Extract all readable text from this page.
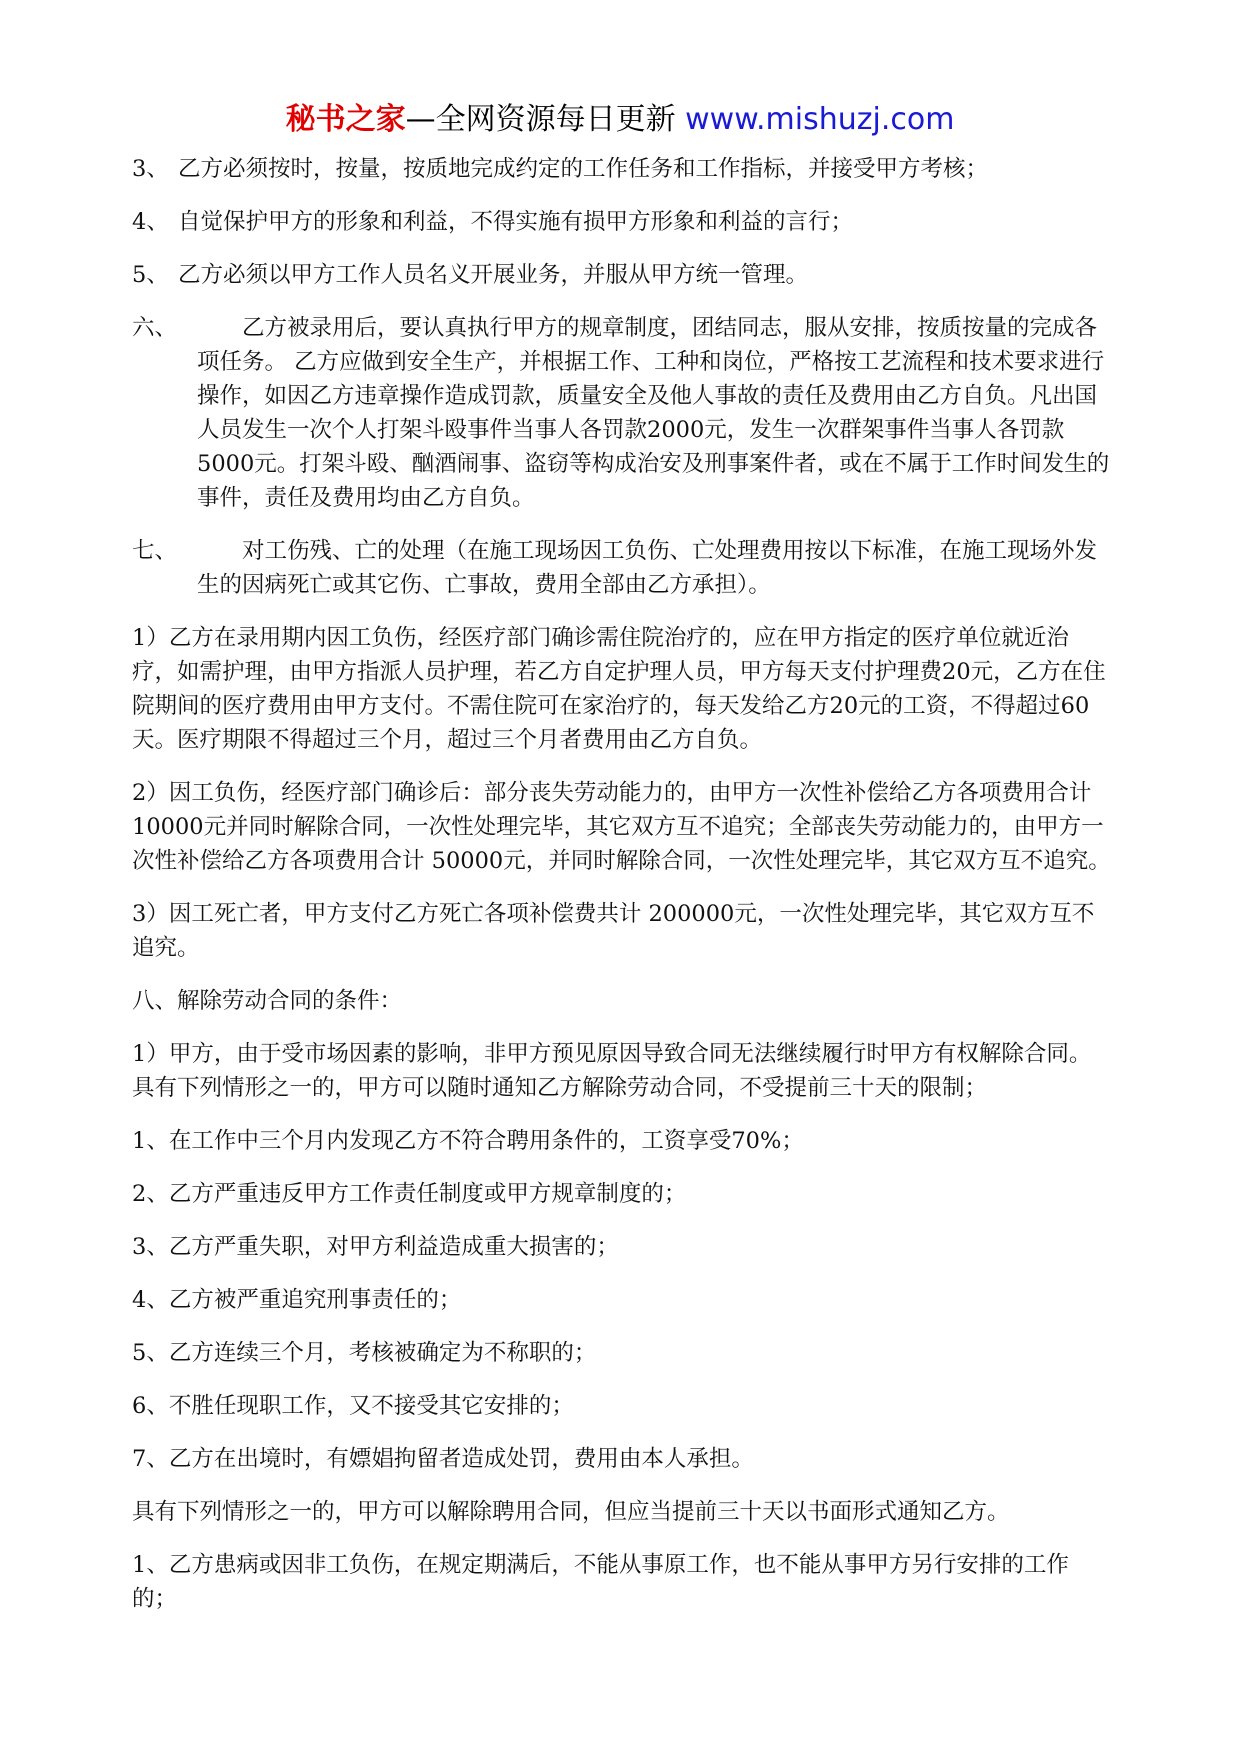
秘书之家—全网资源每日更新 www.mishuzj.com
3、 乙方必须按时，按量，按质地完成约定的工作任务和工作指标，并接受甲方考核；
4、 自觉保护甲方的形象和利益，不得实施有损甲方形象和利益的言行；
5、 乙方必须以甲方工作人员名义开展业务，并服从甲方统一管理。
六、	乙方被录用后，要认真执行甲方的规章制度，团结同志，服从安排，按质按量的完成各项任务。 乙方应做到安全生产，并根据工作、工种和岗位，严格按工艺流程和技术要求进行操作，如因乙方违章操作造成罚款，质量安全及他人事故的责任及费用由乙方自负。凡出国人员发生一次个人打架斗殴事件当事人各罚款2000元，发生一次群架事件当事人各罚款5000元。打架斗殴、酗酒闹事、盗窃等构成治安及刑事案件者，或在不属于工作时间发生的事件，责任及费用均由乙方自负。
七、	对工伤残、亡的处理（在施工现场因工负伤、亡处理费用按以下标准，在施工现场外发生的因病死亡或其它伤、亡事故，费用全部由乙方承担）。

1）乙方在录用期内因工负伤，经医疗部门确诊需住院治疗的，应在甲方指定的医疗单位就近治疗，如需护理，由甲方指派人员护理，若乙方自定护理人员，甲方每天支付护理费20元，乙方在住院期间的医疗费用由甲方支付。不需住院可在家治疗的，每天发给乙方20元的工资，不得超过60天。医疗期限不得超过三个月，超过三个月者费用由乙方自负。

2）因工负伤，经医疗部门确诊后：部分丧失劳动能力的，由甲方一次性补偿给乙方各项费用合计 10000元并同时解除合同，一次性处理完毕，其它双方互不追究；全部丧失劳动能力的，由甲方一次性补偿给乙方各项费用合计 50000元，并同时解除合同，一次性处理完毕，其它双方互不追究。

3）因工死亡者，甲方支付乙方死亡各项补偿费共计 200000元，一次性处理完毕，其它双方互不追究。

八、解除劳动合同的条件：

1）甲方，由于受市场因素的影响，非甲方预见原因导致合同无法继续履行时甲方有权解除合同。具有下列情形之一的，甲方可以随时通知乙方解除劳动合同，不受提前三十天的限制；

1、在工作中三个月内发现乙方不符合聘用条件的，工资享受70%；

2、乙方严重违反甲方工作责任制度或甲方规章制度的；

3、乙方严重失职，对甲方利益造成重大损害的；

4、乙方被严重追究刑事责任的；

5、乙方连续三个月，考核被确定为不称职的；

6、不胜任现职工作，又不接受其它安排的；

7、乙方在出境时，有嫖娼拘留者造成处罚，费用由本人承担。

具有下列情形之一的，甲方可以解除聘用合同，但应当提前三十天以书面形式通知乙方。

1、乙方患病或因非工负伤，在规定期满后，不能从事原工作，也不能从事甲方另行安排的工作的；
